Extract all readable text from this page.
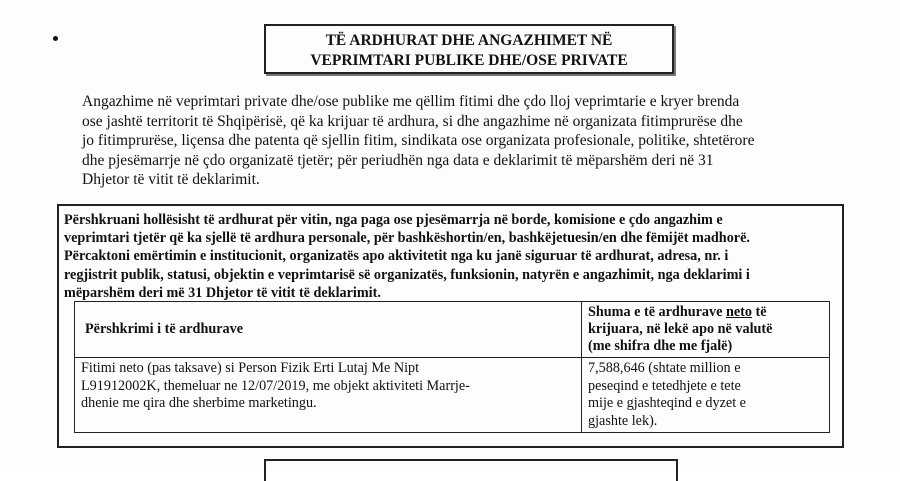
TË ARDHURAT DHE ANGAZHIMET NË
VEPRIMTARI PUBLIKE DHE/OSE PRIVATE
Angazhime në veprimtari private dhe/ose publike me qëllim fitimi dhe çdo lloj veprimtarie e kryer brenda
ose jashtë territorit të Shqipërisë, që ka krijuar të ardhura, si dhe angazhime në organizata fitimprurëse dhe
jo fitimprurëse, liçensa dhe patenta që sjellin fitim, sindikata ose organizata profesionale, politike, shtetërore
dhe pjesëmarrje në çdo organizatë tjetër; për periudhën nga data e deklarimit të mëparshëm deri në 31
Dhjetor të vitit të deklarimit.
Përshkruani hollësisht të ardhurat për vitin, nga paga ose pjesëmarrja në borde, komisione e çdo angazhim e
veprimtari tjetër që ka sjellë të ardhura personale, për bashkëshortin/en, bashkëjetuesin/en dhe fëmijët madhorë.
Përcaktoni emërtimin e institucionit, organizatës apo aktivitetit nga ku janë siguruar të ardhurat, adresa, nr. i
regjistrit publik, statusi, objektin e veprimtarisë së organizatës, funksionin, natyrën e angazhimit, nga deklarimi i
mëparshëm deri më 31 Dhjetor të vitit të deklarimit.
Përshkrimi i të ardhurave	Shuma e të ardhurave neto të
krijuara, në lekë apo në valutë
(me shifra dhe me fjalë)

Fitimi neto (pas taksave) si Person Fizik Erti Lutaj Me Nipt
L91912002K, themeluar ne 12/07/2019, me objekt aktiviteti Marrje-
dhenie me qira dhe sherbime marketingu.	7,588,646 (shtate million e
peseqind e tetedhjete e tete
mije e gjashteqind e dyzet e
gjashte lek).
